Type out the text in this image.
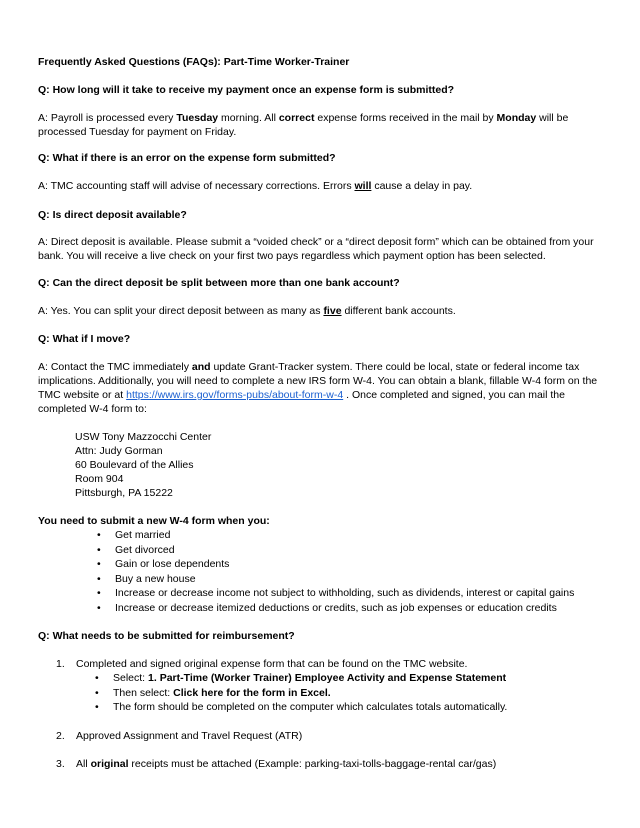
Frequently Asked Questions (FAQs): Part-Time Worker-Trainer

Q: How long will it take to receive my payment once an expense form is submitted?

A: Payroll is processed every Tuesday morning. All correct expense forms received in the mail by Monday will be processed Tuesday for payment on Friday.

Q: What if there is an error on the expense form submitted?

A: TMC accounting staff will advise of necessary corrections. Errors will cause a delay in pay.

Q: Is direct deposit available?

A: Direct deposit is available. Please submit a “voided check” or a “direct deposit form” which can be obtained from your bank. You will receive a live check on your first two pays regardless which payment option has been selected.

Q: Can the direct deposit be split between more than one bank account?

A: Yes. You can split your direct deposit between as many as five different bank accounts.

Q: What if I move?

A: Contact the TMC immediately and update Grant-Tracker system. There could be local, state or federal income tax implications. Additionally, you will need to complete a new IRS form W-4. You can obtain a blank, fillable W-4 form on the TMC website or at https://www.irs.gov/forms-pubs/about-form-w-4 . Once completed and signed, you can mail the completed W-4 form to:

USW Tony Mazzocchi Center
Attn: Judy Gorman
60 Boulevard of the Allies
Room 904
Pittsburgh, PA 15222

You need to submit a new W-4 form when you:

• Get married
• Get divorced
• Gain or lose dependents
• Buy a new house
• Increase or decrease income not subject to withholding, such as dividends, interest or capital gains
• Increase or decrease itemized deductions or credits, such as job expenses or education credits

Q: What needs to be submitted for reimbursement?

1.	Completed and signed original expense form that can be found on the TMC website.
• Select: 1. Part-Time (Worker Trainer) Employee Activity and Expense Statement
• Then select: Click here for the form in Excel.
• The form should be completed on the computer which calculates totals automatically.
2.	Approved Assignment and Travel Request (ATR)
3.	All original receipts must be attached (Example: parking-taxi-tolls-baggage-rental car/gas)
